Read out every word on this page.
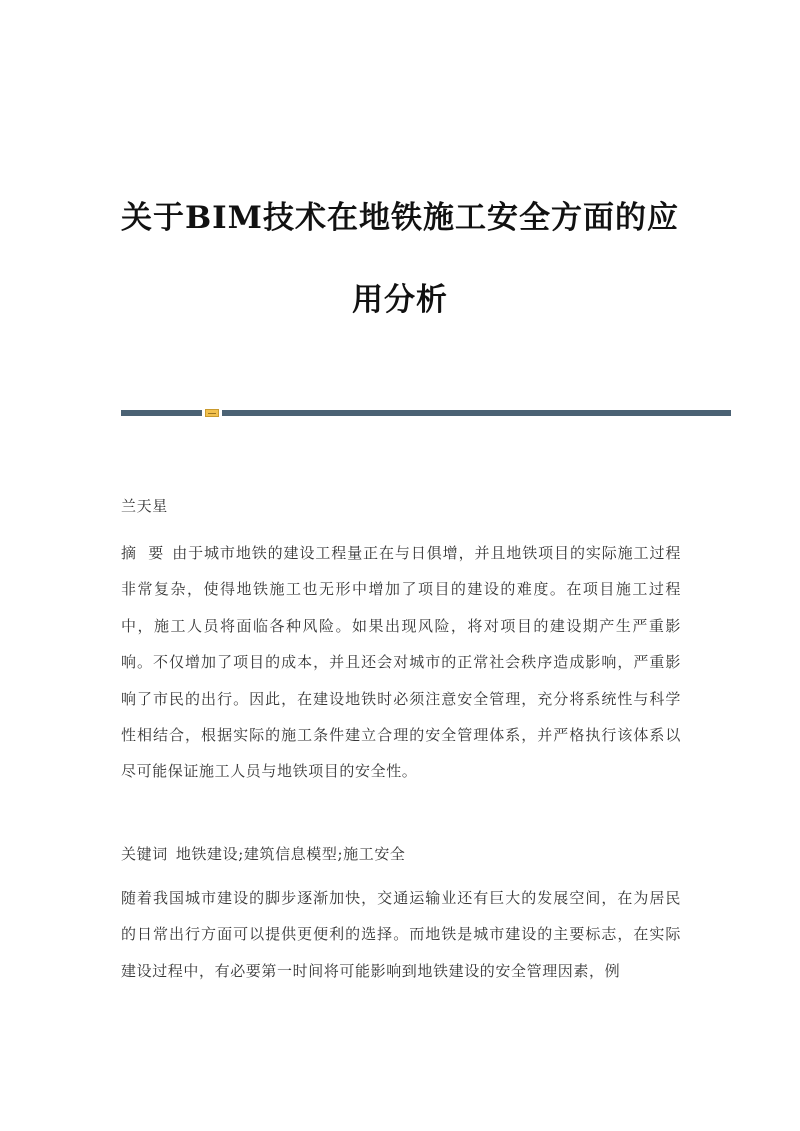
关于BIM技术在地铁施工安全方面的应
用分析

兰天星

摘  要 由于城市地铁的建设工程量正在与日俱增，并且地铁项目的实际施工过程非常复杂，使得地铁施工也无形中增加了项目的建设的难度。在项目施工过程中，施工人员将面临各种风险。如果出现风险，将对项目的建设期产生严重影响。不仅增加了项目的成本，并且还会对城市的正常社会秩序造成影响，严重影响了市民的出行。因此，在建设地铁时必须注意安全管理，充分将系统性与科学性相结合，根据实际的施工条件建立合理的安全管理体系，并严格执行该体系以尽可能保证施工人员与地铁项目的安全性。

关键词 地铁建设;建筑信息模型;施工安全

随着我国城市建设的脚步逐渐加快，交通运输业还有巨大的发展空间，在为居民的日常出行方面可以提供更便利的选择。而地铁是城市建设的主要标志，在实际建设过程中，有必要第一时间将可能影响到地铁建设的安全管理因素，例
